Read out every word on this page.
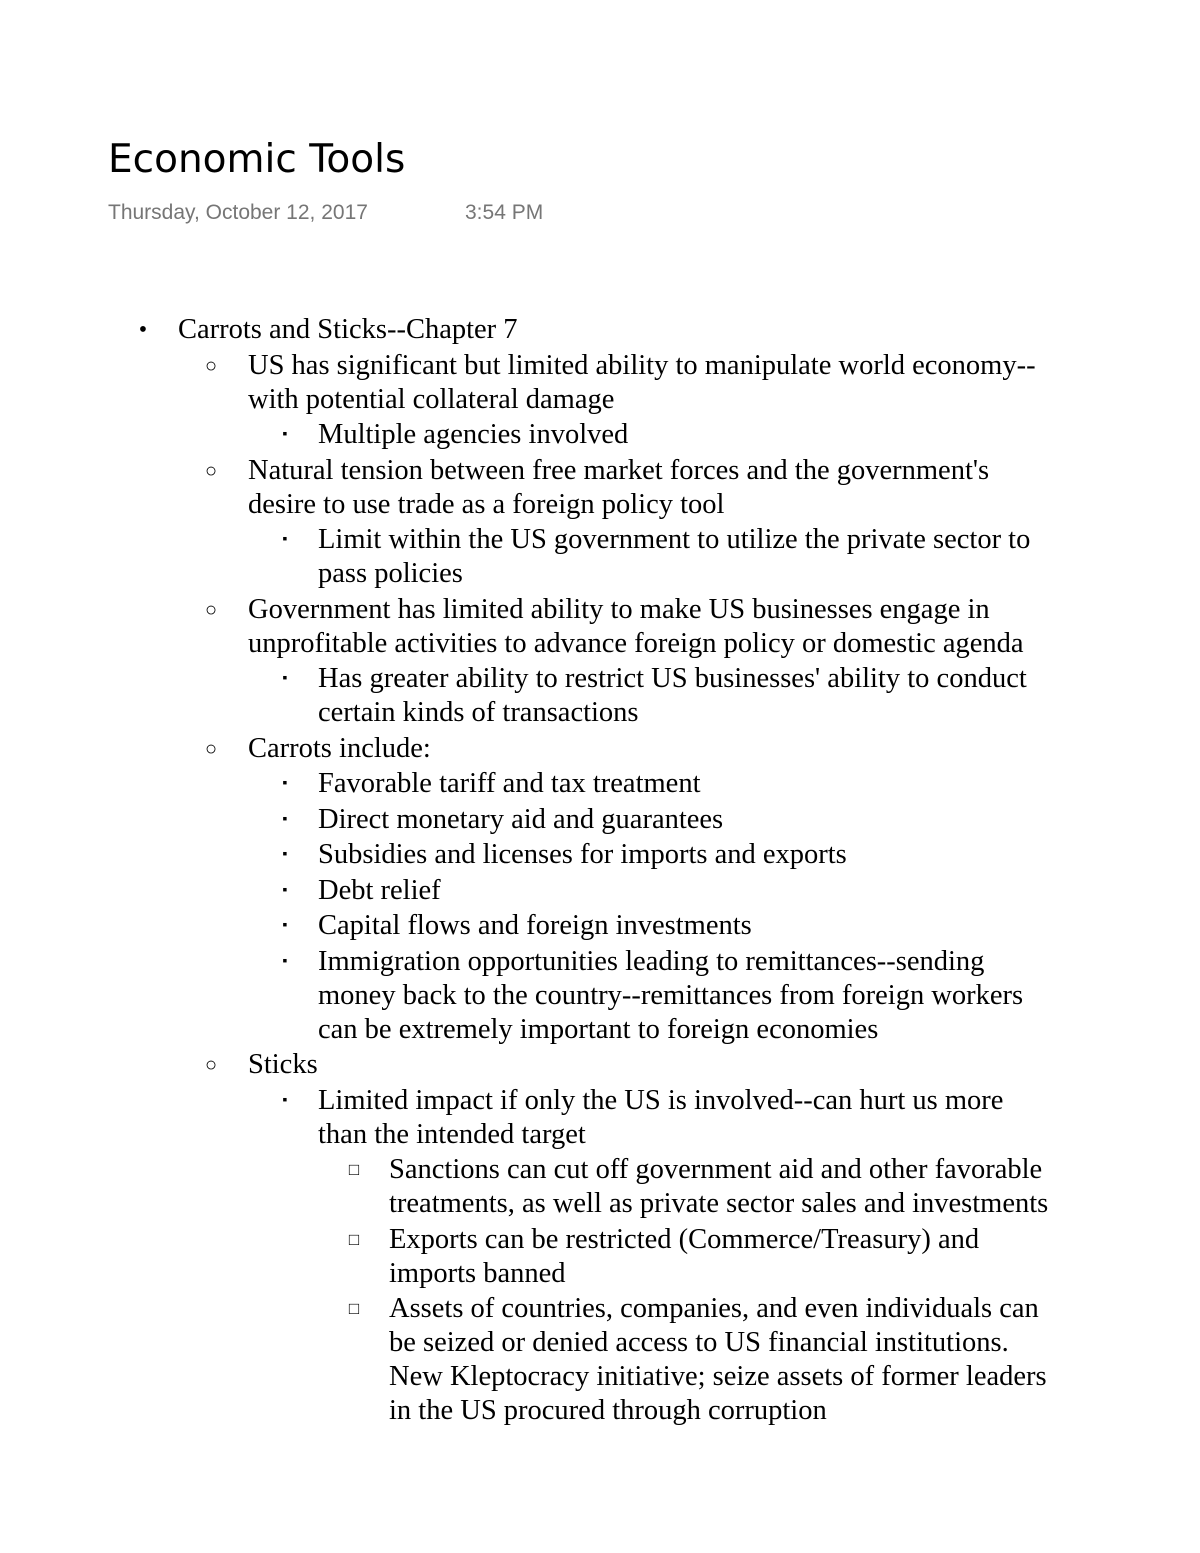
Economic Tools
Thursday, October 12, 2017	3:54 PM
• Carrots and Sticks--Chapter 7
○ US has significant but limited ability to manipulate world economy--
with potential collateral damage
▪	Multiple agencies involved
○ Natural tension between free market forces and the government's
desire to use trade as a foreign policy tool
▪	Limit within the US government to utilize the private sector to
pass policies
○ Government has limited ability to make US businesses engage in
unprofitable activities to advance foreign policy or domestic agenda
▪	Has greater ability to restrict US businesses' ability to conduct
certain kinds of transactions
○ Carrots include:
▪	Favorable tariff and tax treatment
▪	Direct monetary aid and guarantees
▪	Subsidies and licenses for imports and exports
▪	Debt relief
▪	Capital flows and foreign investments
▪	Immigration opportunities leading to remittances--sending
money back to the country--remittances from foreign workers
can be extremely important to foreign economies
○ Sticks
▪	Limited impact if only the US is involved--can hurt us more
than the intended target
□ Sanctions can cut off government aid and other favorable
treatments, as well as private sector sales and investments
□ Exports can be restricted (Commerce/Treasury) and
imports banned
□ Assets of countries, companies, and even individuals can
be seized or denied access to US financial institutions.
New Kleptocracy initiative; seize assets of former leaders
in the US procured through corruption
